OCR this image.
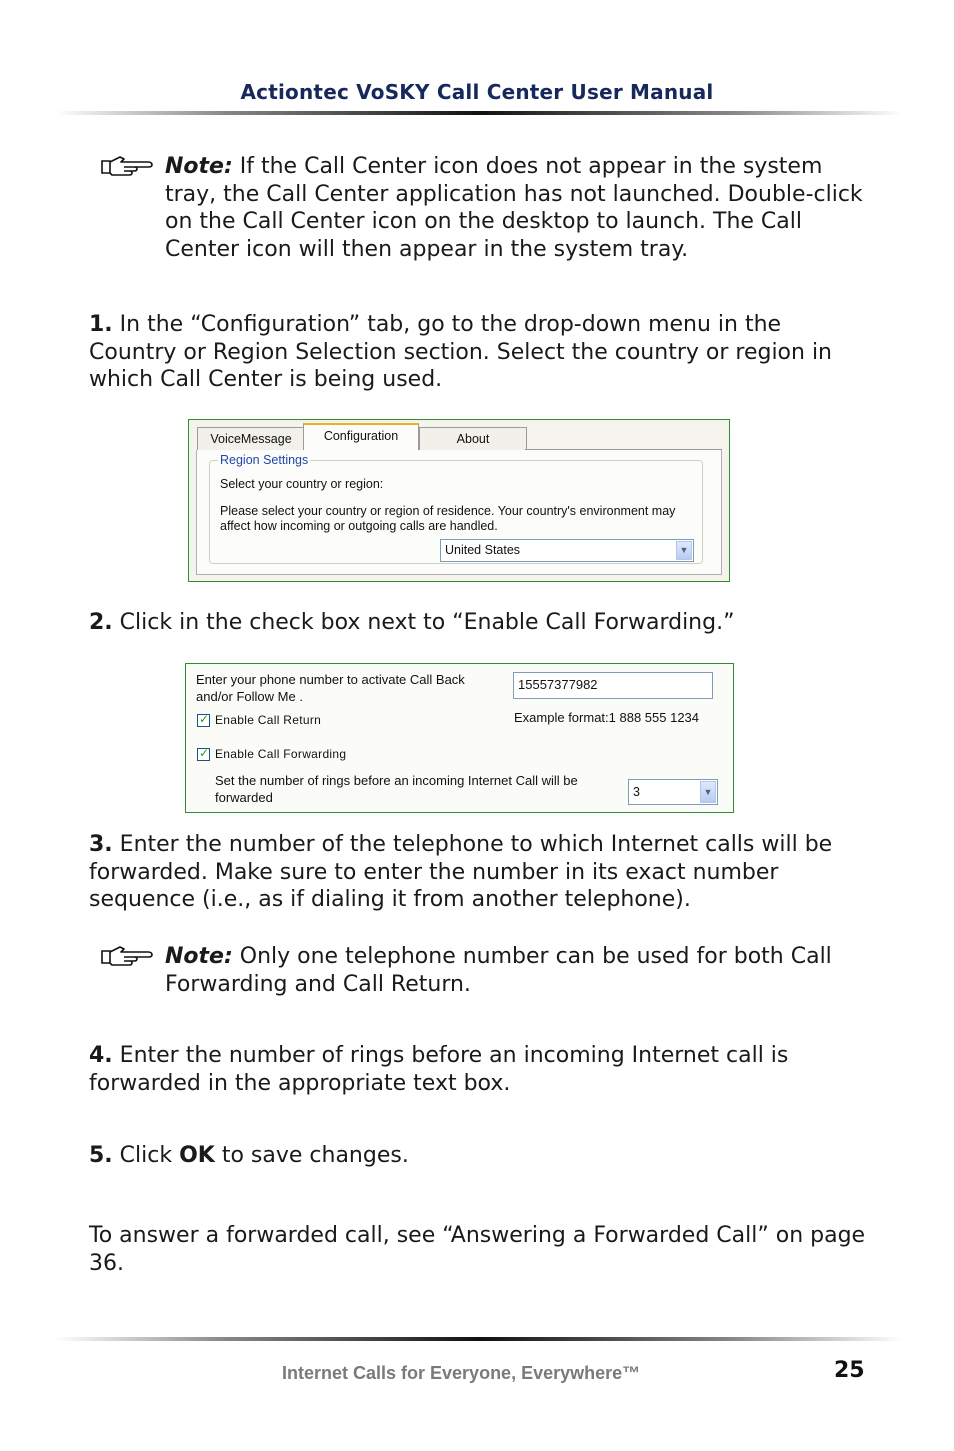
Actiontec VoSKY Call Center User Manual
Note: If the Call Center icon does not appear in the system tray, the Call Center application has not launched. Double-click on the Call Center icon on the desktop to launch. The Call Center icon will then appear in the system tray.
1. In the “Configuration” tab, go to the drop-down menu in the Country or Region Selection section. Select the country or region in which Call Center is being used.
VoiceMessage	Configuration	About
Region Settings
Select your country or region:
Please select your country or region of residence. Your country's environment may
affect how incoming or outgoing calls are handled.
United States	▼
2. Click in the check box next to “Enable Call Forwarding.”
Enter your phone number to activate Call Back
and/or Follow Me .
15557377982
Example format:1 888 555 1234
✓
Enable Call Return
✓
Enable Call Forwarding
Set the number of rings before an incoming Internet Call will be
forwarded	3	▼
3. Enter the number of the telephone to which Internet calls will be forwarded. Make sure to enter the number in its exact number sequence (i.e., as if dialing it from another telephone).
Note: Only one telephone number can be used for both Call Forwarding and Call Return.
4. Enter the number of rings before an incoming Internet call is forwarded in the appropriate text box.
5. Click OK to save changes.
To answer a forwarded call, see “Answering a Forwarded Call” on page 36.
Internet Calls for Everyone, Everywhere™	25
